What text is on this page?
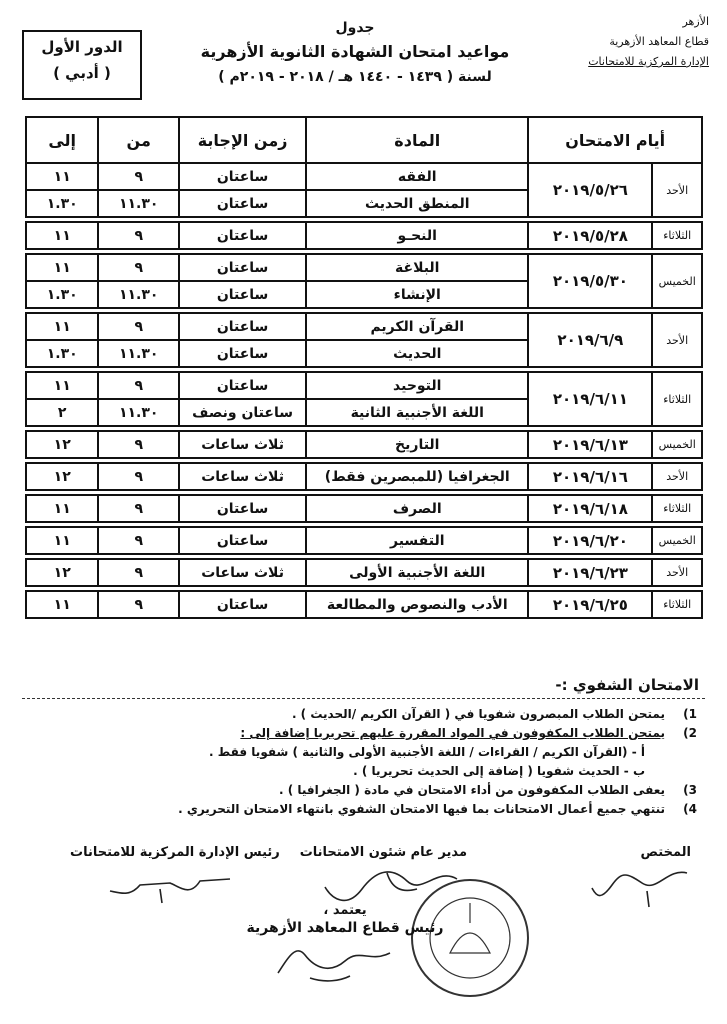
الأزهر
قطاع المعاهد الأزهرية
الإدارة المركزية للامتحانات
جدول
مواعيد امتحان الشهادة الثانوية الأزهرية
لسنة ( ١٤٣٩ - ١٤٤٠ هـ / ٢٠١٨ - ٢٠١٩م )
الدور الأول
( أدبي )
أيام الامتحان		المادة	زمن الإجابة	من	إلى
الأحد	٢٠١٩/٥/٢٦	الفقه	ساعتان	٩	١١
		المنطق الحديث	ساعتان	١١.٣٠	١.٣٠

الثلاثاء	٢٠١٩/٥/٢٨	النحـو	ساعتان	٩	١١

الخميس	٢٠١٩/٥/٣٠	البلاغة	ساعتان	٩	١١
		الإنشاء	ساعتان	١١.٣٠	١.٣٠

الأحد	٢٠١٩/٦/٩	القرآن الكريم	ساعتان	٩	١١
		الحديث	ساعتان	١١.٣٠	١.٣٠

الثلاثاء	٢٠١٩/٦/١١	التوحيد	ساعتان	٩	١١
		اللغة الأجنبية الثانية	ساعتان ونصف	١١.٣٠	٢

الخميس	٢٠١٩/٦/١٣	التاريخ	ثلاث ساعات	٩	١٢

الأحد	٢٠١٩/٦/١٦	الجغرافيا (للمبصرين فقط)	ثلاث ساعات	٩	١٢

الثلاثاء	٢٠١٩/٦/١٨	الصرف	ساعتان	٩	١١

الخميس	٢٠١٩/٦/٢٠	التفسير	ساعتان	٩	١١

الأحد	٢٠١٩/٦/٢٣	اللغة الأجنبية الأولى	ثلاث ساعات	٩	١٢

الثلاثاء	٢٠١٩/٦/٢٥	الأدب والنصوص والمطالعة	ساعتان	٩	١١
الامتحان الشفوي :-
1)
يمتحن الطلاب المبصرون شفويا في ( القرآن الكريم /الحديث ) .
2)
يمتحن الطلاب المكفوفون في المواد المقررة عليهم تحريريا إضافة إلى :
أ - (القرآن الكريم / القراءات / اللغة الأجنبية الأولى والثانية ) شفويا فقط .
ب - الحديث شفويا ( إضافة إلى الحديث تحريريا ) .
3)
يعفى الطلاب المكفوفون من أداء الامتحان في مادة ( الجغرافيا ) .
4)
تنتهي جميع أعمال الامتحانات بما فيها الامتحان الشفوي بانتهاء الامتحان التحريري .
المختص
مدير عام شئون الامتحانات
رئيس الإدارة المركزية للامتحانات
يعتمد ،
رئيس قطاع المعاهد الأزهرية
